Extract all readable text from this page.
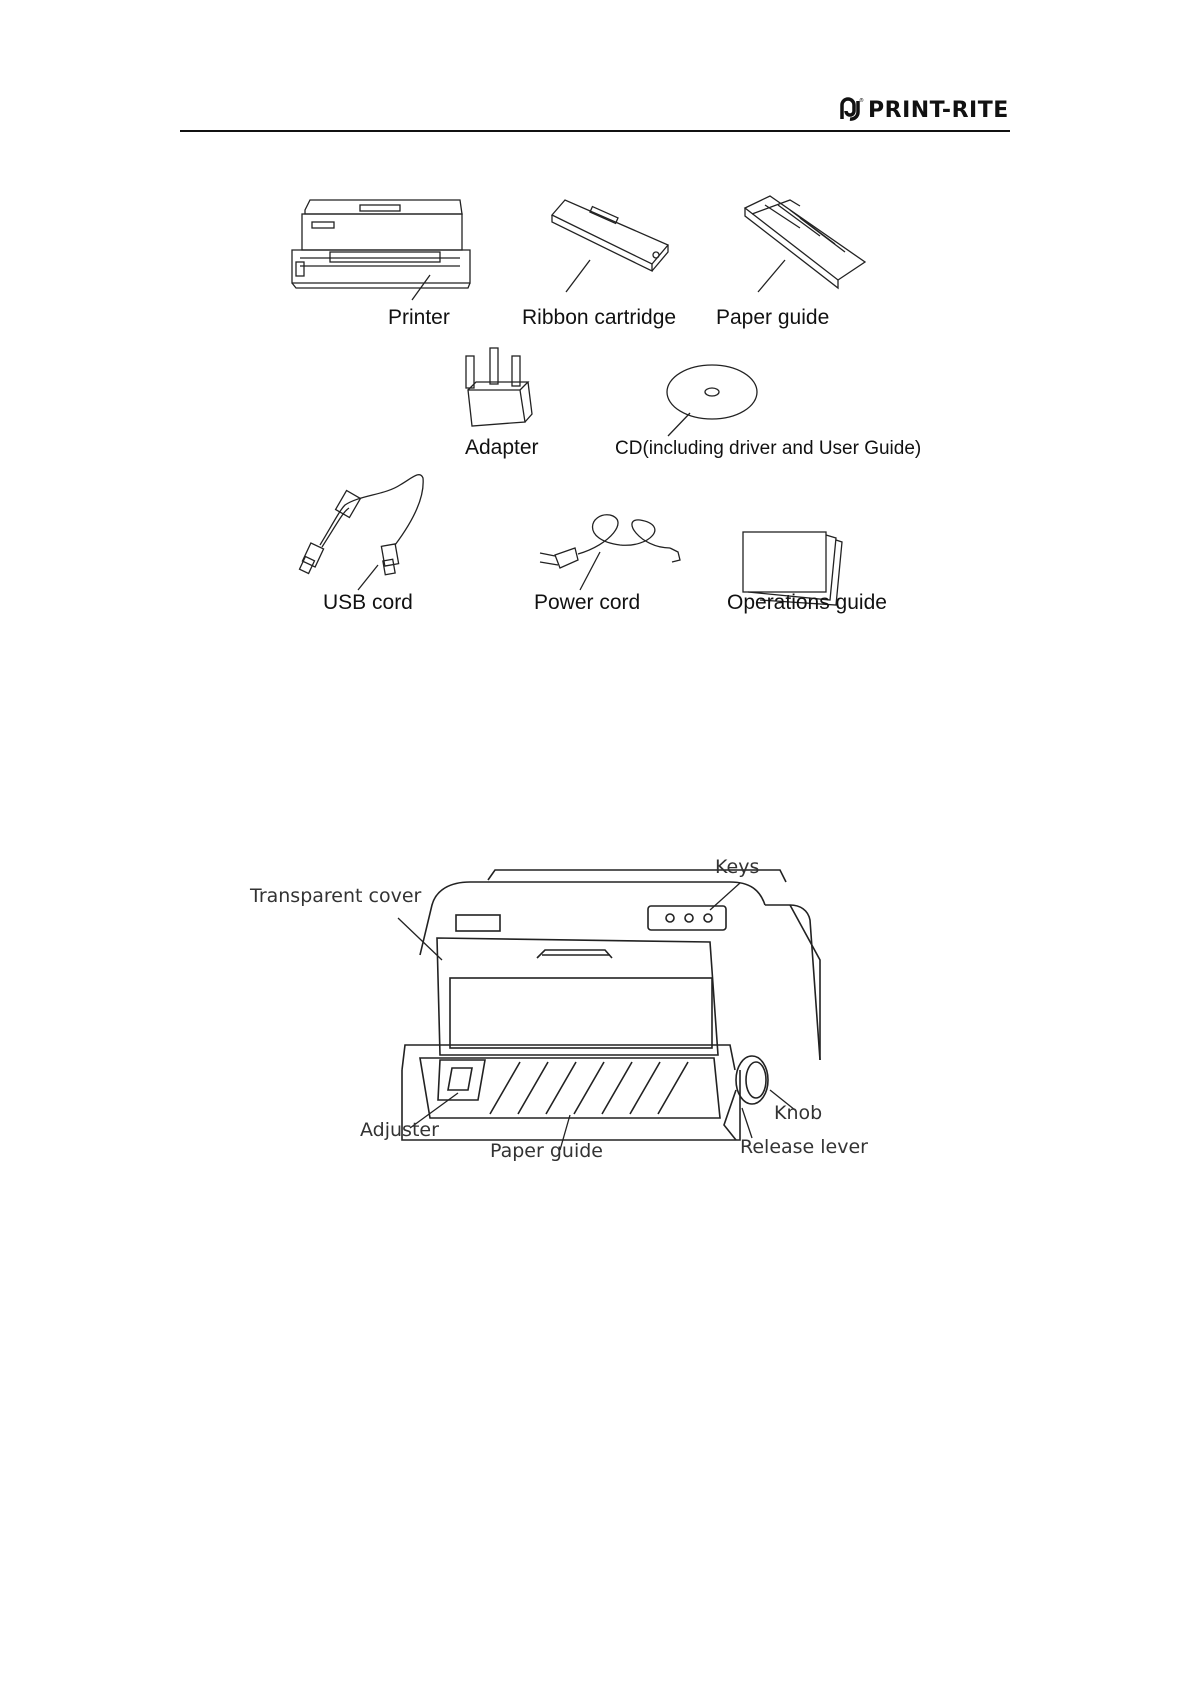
® PRINT-RITE
Printer	Ribbon cartridge Paper guide
Adapter	CD(including driver and User Guide)
USB cord	Power cord	Operations guide
Keys
Transparent cover
Knob
Adjuster
Paper guide	Release lever
